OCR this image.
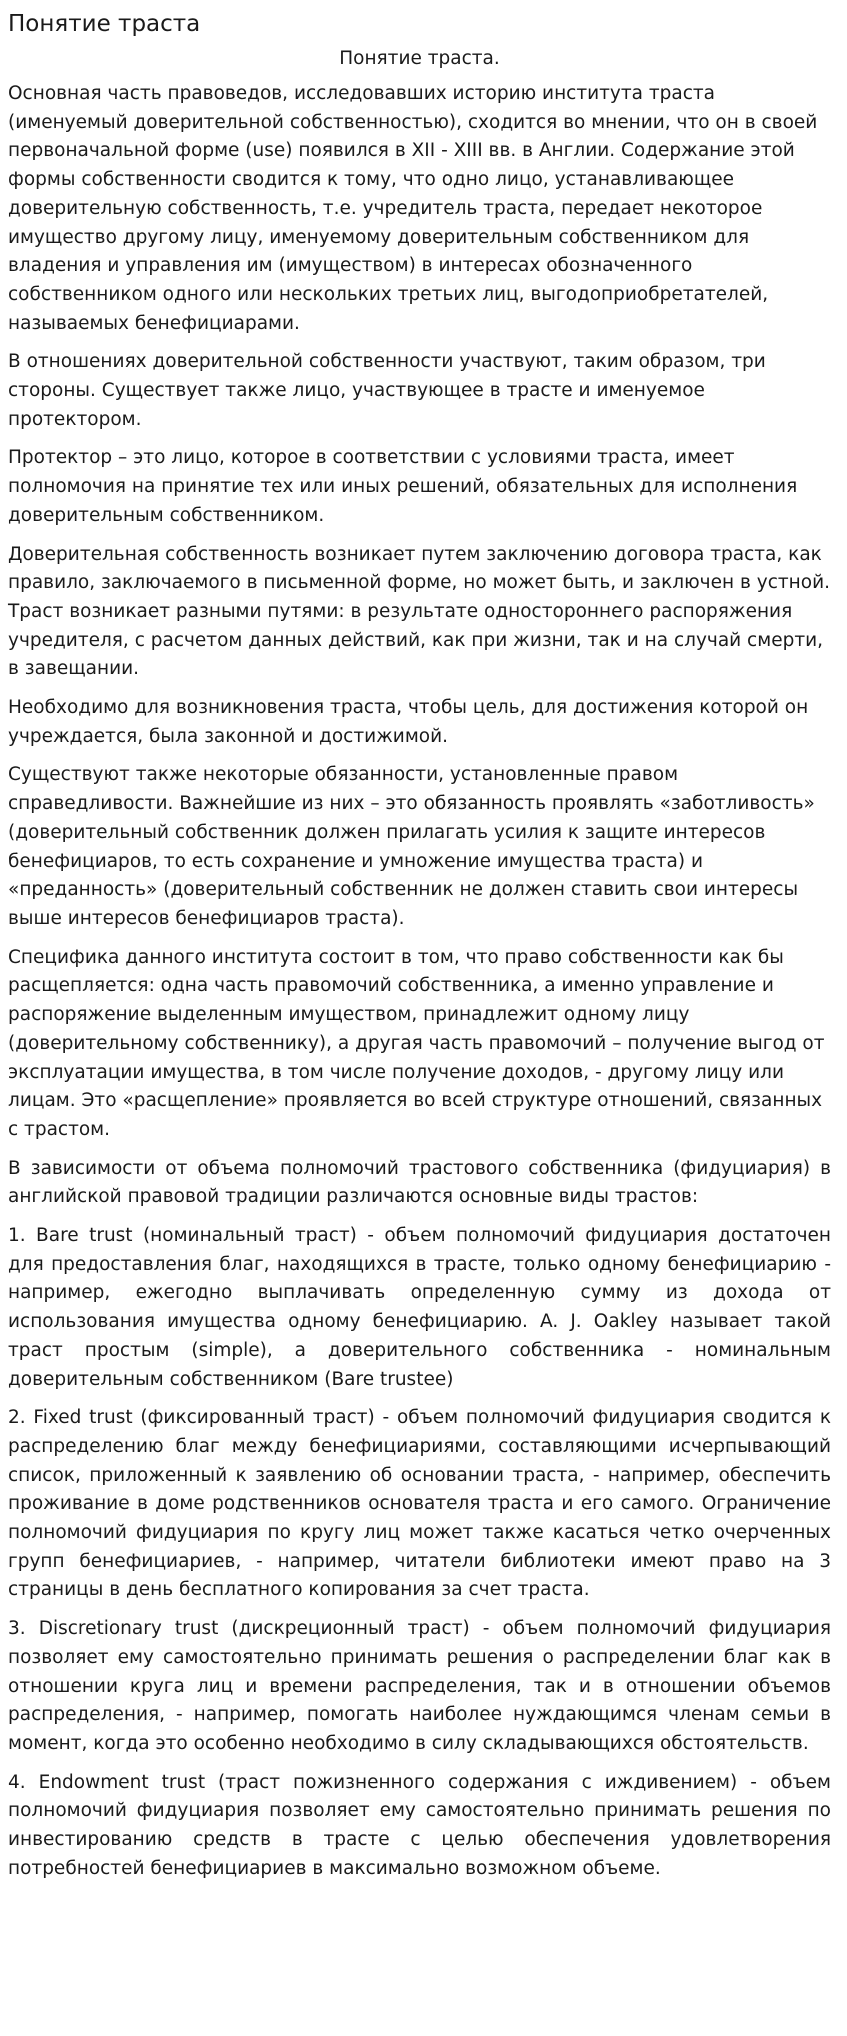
Понятие траста
Понятие траста.

Основная часть правоведов, исследовавших историю института траста (именуемый доверительной собственностью), сходится во мнении, что он в своей первоначальной форме (use) появился в XII - XIII вв. в Англии. Содержание этой формы собственности сводится к тому, что одно лицо, устанавливающее доверительную собственность, т.е. учредитель траста, передает некоторое имущество другому лицу, именуемому доверительным собственником для владения и управления им (имуществом) в интересах обозначенного собственником одного или нескольких третьих лиц, выгодоприобретателей, называемых бенефициарами.

В отношениях доверительной собственности участвуют, таким образом, три стороны. Существует также лицо, участвующее в трасте и именуемое протектором.

Протектор – это лицо, которое в соответствии с условиями траста, имеет полномочия на принятие тех или иных решений, обязательных для исполнения доверительным собственником.

Доверительная собственность возникает путем заключению договора траста, как правило, заключаемого в письменной форме, но может быть, и заключен в устной. Траст возникает разными путями: в результате одностороннего распоряжения учредителя, с расчетом данных действий, как при жизни, так и на случай смерти, в завещании.

Необходимо для возникновения траста, чтобы цель, для достижения которой он учреждается, была законной и достижимой.

Существуют также некоторые обязанности, установленные правом справедливости. Важнейшие из них – это обязанность проявлять «заботливость» (доверительный собственник должен прилагать усилия к защите интересов бенефициаров, то есть сохранение и умножение имущества траста) и «преданность» (доверительный собственник не должен ставить свои интересы выше интересов бенефициаров траста).

Специфика данного института состоит в том, что право собственности как бы расщепляется: одна часть правомочий собственника, а именно управление и распоряжение выделенным имуществом, принадлежит одному лицу (доверительному собственнику), а другая часть правомочий – получение выгод от эксплуатации имущества, в том числе получение доходов, - другому лицу или лицам. Это «расщепление» проявляется во всей структуре отношений, связанных с трастом.

В зависимости от объема полномочий трастового собственника (фидуциария) в английской правовой традиции различаются основные виды трастов:

1. Bare trust (номинальный траст) - объем полномочий фидуциария достаточен для предоставления благ, находящихся в трасте, только одному бенефициарию - например, ежегодно выплачивать определенную сумму из дохода от использования имущества одному бенефициарию. A. J. Oakley называет такой траст простым (simple), а доверительного собственника - номинальным доверительным собственником (Bare trustee)

2. Fixed trust (фиксированный траст) - объем полномочий фидуциария сводится к распределению благ между бенефициариями, составляющими исчерпывающий список, приложенный к заявлению об основании траста, - например, обеспечить проживание в доме родственников основателя траста и его самого. Ограничение полномочий фидуциария по кругу лиц может также касаться четко очерченных групп бенефициариев, - например, читатели библиотеки имеют право на 3 страницы в день бесплатного копирования за счет траста.

3. Discretionary trust (дискреционный траст) - объем полномочий фидуциария позволяет ему самостоятельно принимать решения о распределении благ как в отношении круга лиц и времени распределения, так и в отношении объемов распределения, - например, помогать наиболее нуждающимся членам семьи в момент, когда это особенно необходимо в силу складывающихся обстоятельств.

4. Endowment trust (траст пожизненного содержания с иждивением) - объем полномочий фидуциария позволяет ему самостоятельно принимать решения по инвестированию средств в трасте с целью обеспечения удовлетворения потребностей бенефициариев в максимально возможном объеме.
